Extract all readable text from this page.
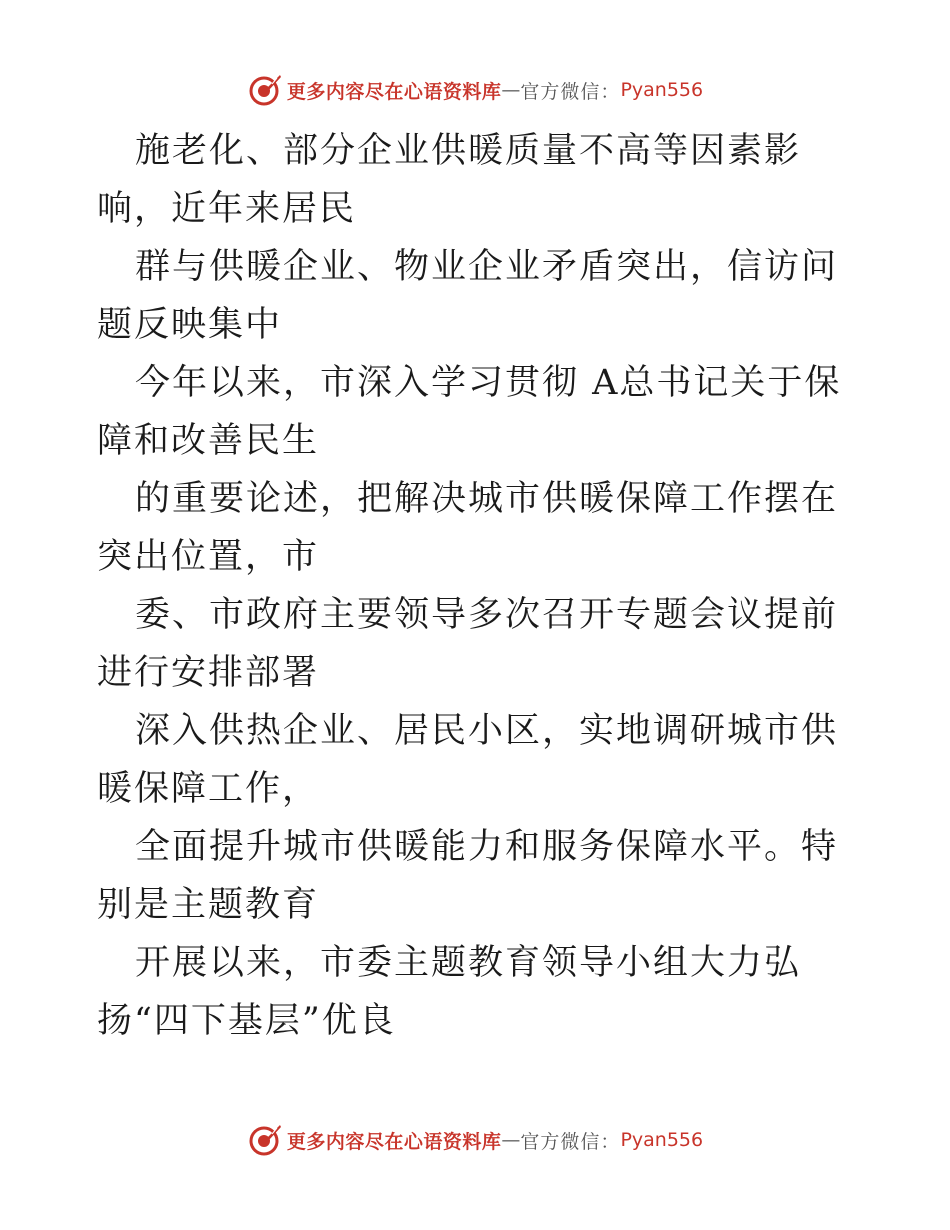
更多内容尽在心语资料库 — 官方微信： Pyan556

施老化、部分企业供暖质量不高等因素影响，近年来居民

群与供暖企业、物业企业矛盾突出，信访问题反映集中

今年以来，市深入学习贯彻 A总书记关于保障和改善民生

的重要论述，把解决城市供暖保障工作摆在突出位置，市

委、市政府主要领导多次召开专题会议提前进行安排部署

深入供热企业、居民小区，实地调研城市供暖保障工作，

全面提升城市供暖能力和服务保障水平。特别是主题教育

开展以来，市委主题教育领导小组大力弘扬“四下基层”优良

更多内容尽在心语资料库 — 官方微信： Pyan556
